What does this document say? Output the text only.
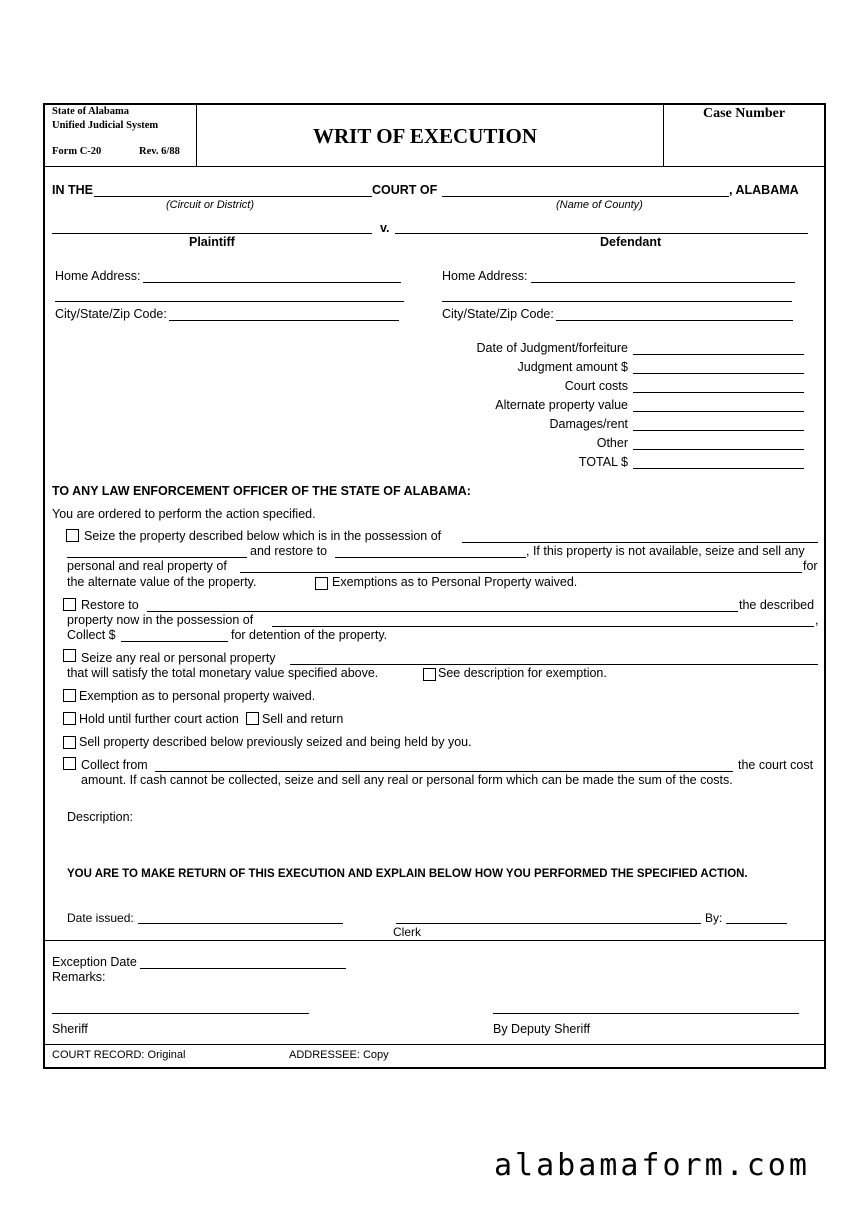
State of Alabama
Unified Judicial System
Form C-20	Rev. 6/88
WRIT OF EXECUTION
Case Number
IN THE	COURT OF	, ALABAMA
(Circuit or District)	(Name of County)
v.
Plaintiff	Defendant
Home Address:
City/State/Zip Code:
Home Address:
City/State/Zip Code:
Date of Judgment/forfeiture
Judgment amount $
Court costs
Alternate property value
Damages/rent
Other
TOTAL $
TO ANY LAW ENFORCEMENT OFFICER OF THE STATE OF ALABAMA:
You are ordered to perform the action specified.
Seize the property described below which is in the possession of
and restore to	, If this property is not available, seize and sell any
personal and real property of	for
the alternate value of the property.	Exemptions as to Personal Property waived.
Restore to	the described
property now in the possession of	,
Collect $	for detention of the property.
Seize any real or personal property
that will satisfy the total monetary value specified above.	See description for exemption.
Exemption as to personal property waived.
Hold until further court action Sell and return
Sell property described below previously seized and being held by you.
Collect from	the court cost
amount. If cash cannot be collected, seize and sell any real or personal form which can be made the sum of the costs.
Description:
YOU ARE TO MAKE RETURN OF THIS EXECUTION AND EXPLAIN BELOW HOW YOU PERFORMED THE SPECIFIED ACTION.
Date issued:
Clerk
By:
Exception Date
Remarks:
Sheriff	By Deputy Sheriff
COURT RECORD: Original	ADDRESSEE: Copy
alabamaform.com
